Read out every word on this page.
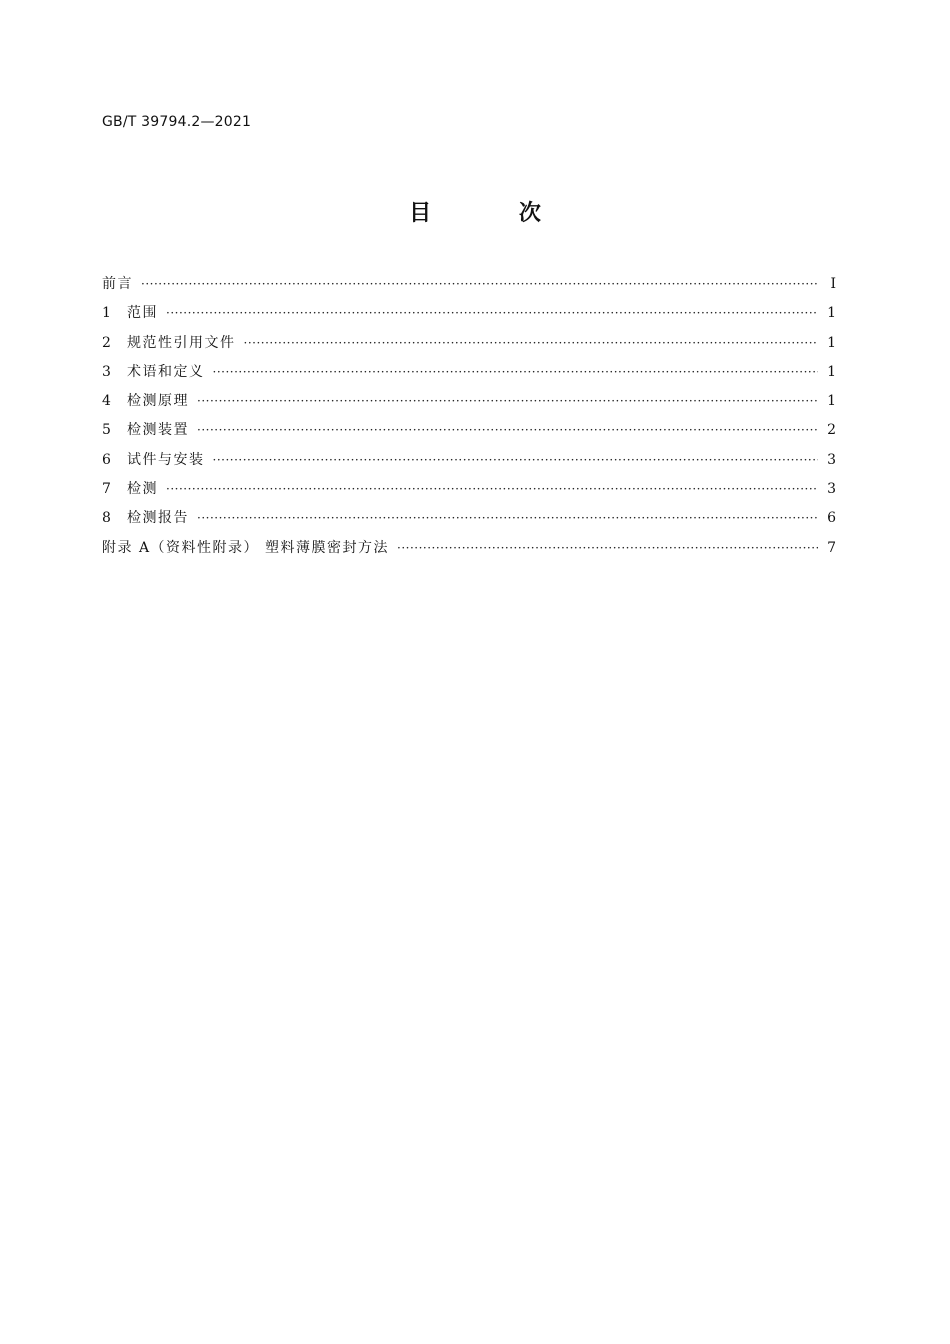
GB/T 39794.2—2021
目 次
前言 ·····	Ⅰ
1	范围 ·····	1
2	规范性引用文件 ·····	1
3	术语和定义 ·····	1
4	检测原理 ·····	1
5	检测装置 ·····	2
6	试件与安装 ·····	3
7	检测 ·····	3
8	检测报告 ·····	6
附录 A（资料性附录） 塑料薄膜密封方法 ·····	7
